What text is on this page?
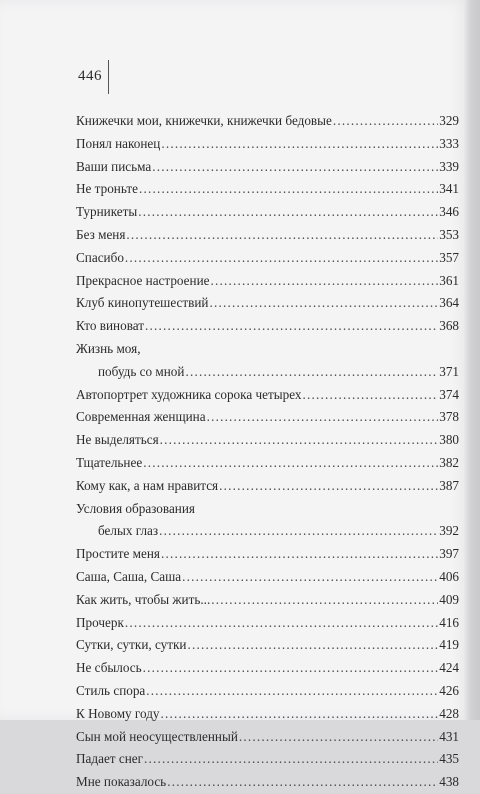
446
Книжечки мои, книжечки, книжечки бедовые .....	329
Понял наконец .....	333
Ваши письма .....	339
Не троньте .....	341
Турникеты .....	346
Без меня .....	353
Спасибо .....	357
Прекрасное настроение .....	361
Клуб кинопутешествий .....	364
Кто виноват .....	368
Жизнь моя,
побудь со мной .....	371
Автопортрет художника сорока четырех .....	374
Современная женщина .....	378
Не выделяться .....	380
Тщательнее .....	382
Кому как, а нам нравится .....	387
Условия образования
белых глаз .....	392
Простите меня .....	397
Саша, Саша, Саша .....	406
Как жить, чтобы жить... .....	409
Прочерк .....	416
Сутки, сутки, сутки .....	419
Не сбылось .....	424
Стиль спора .....	426
К Новому году .....	428
Сын мой неосуществленный .....	431
Падает снег .....	435
Мне показалось .....	438
